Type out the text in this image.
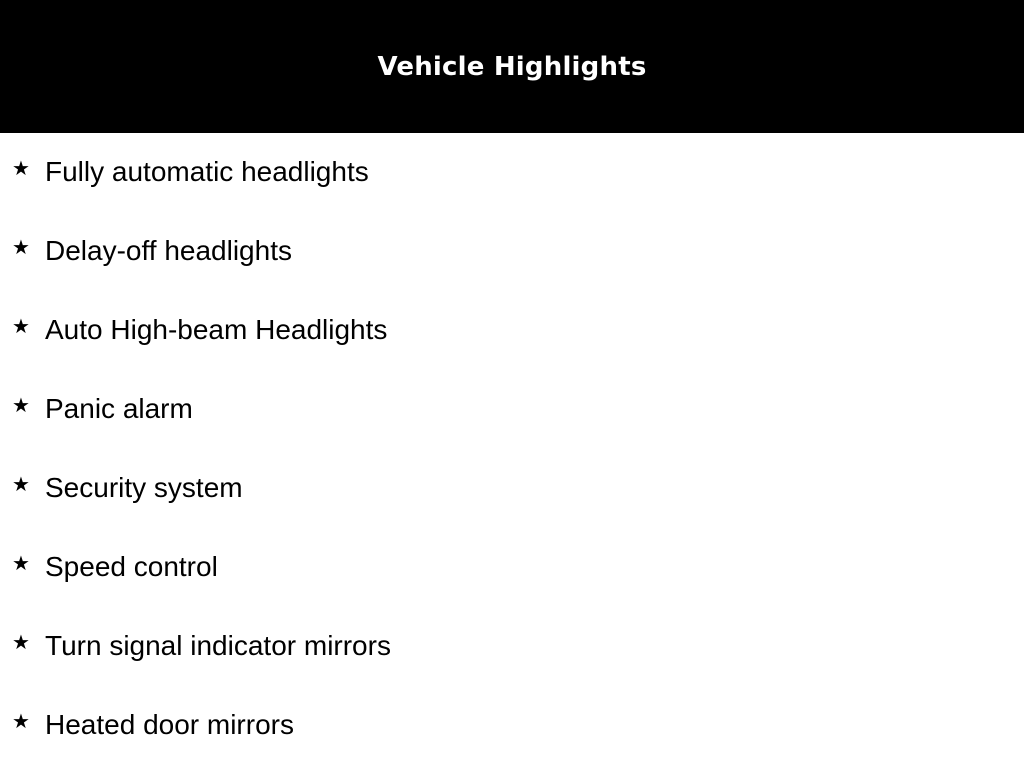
Vehicle Highlights
★ Fully automatic headlights
★ Delay-off headlights
★ Auto High-beam Headlights
★ Panic alarm
★ Security system
★ Speed control
★ Turn signal indicator mirrors
★ Heated door mirrors
